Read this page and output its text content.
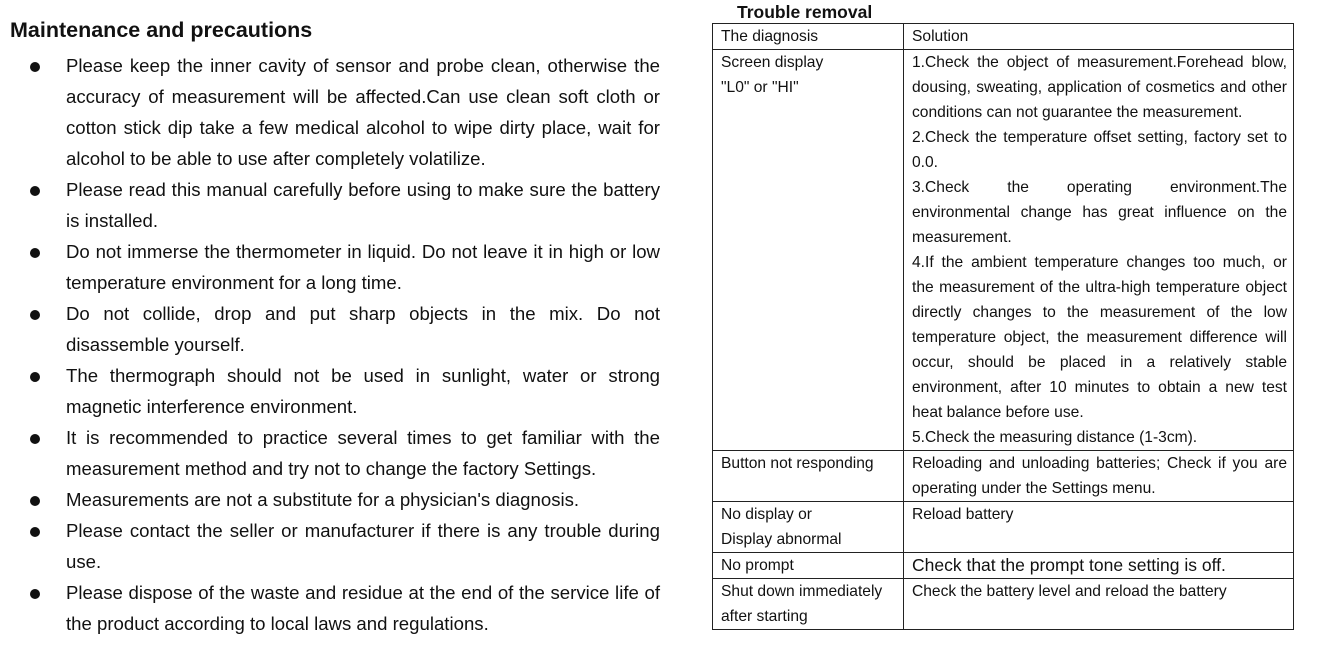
Maintenance and precautions
Please keep the inner cavity of sensor and probe clean, otherwise the accuracy of measurement will be affected.Can use clean soft cloth or cotton stick dip take a few medical alcohol to wipe dirty place, wait for alcohol to be able to use after completely volatilize.
Please read this manual carefully before using to make sure the battery is installed.
Do not immerse the thermometer in liquid. Do not leave it in high or low temperature environment for a long time.
Do not collide, drop and put sharp objects in the mix. Do not disassemble yourself.
The thermograph should not be used in sunlight, water or strong magnetic interference environment.
It is recommended to practice several times to get familiar with the measurement method and try not to change the factory Settings.
Measurements are not a substitute for a physician's diagnosis.
Please contact the seller or manufacturer if there is any trouble during use.
Please dispose of the waste and residue at the end of the service life of the product according to local laws and regulations.
Trouble removal
The diagnosis	Solution

Screen display
"L0" or "HI"	1.Check the object of measurement.Forehead blow, dousing, sweating, application of cosmetics and other conditions can not guarantee the measurement.
2.Check the temperature offset setting, factory set to 0.0.
3.Check the operating environment.The environmental change has great influence on the measurement.
4.If the ambient temperature changes too much, or the measurement of the ultra-high temperature object directly changes to the measurement of the low temperature object, the measurement difference will occur, should be placed in a relatively stable environment, after 10 minutes to obtain a new test heat balance before use.
5.Check the measuring distance (1-3cm).

Button not responding	Reloading and unloading batteries; Check if you are operating under the Settings menu.

No display or
Display abnormal	Reload battery

No prompt	Check that the prompt tone setting is off.

Shut down immediately
after starting	Check the battery level and reload the battery
